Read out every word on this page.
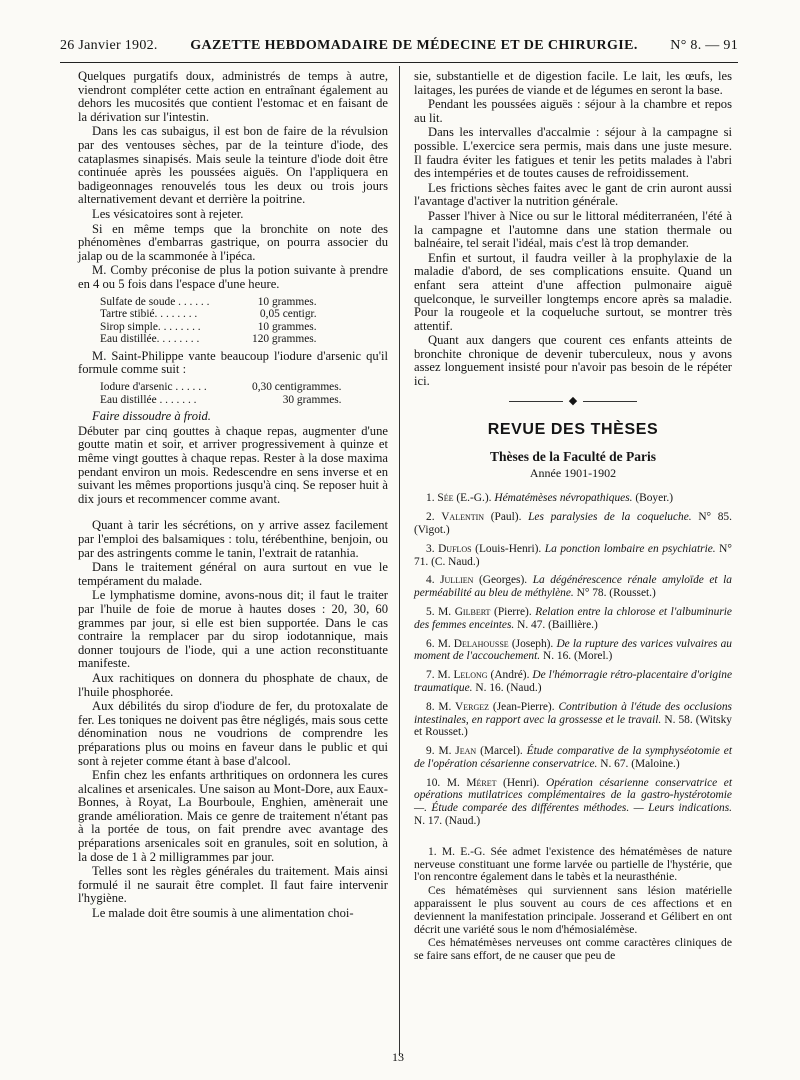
26 Janvier 1902. GAZETTE HEBDOMADAIRE DE MÉDECINE ET DE CHIRURGIE. N° 8. — 91

Quelques purgatifs doux, administrés de temps à autre, viendront compléter cette action en entraînant également au dehors les mucosités que contient l'estomac et en faisant de la dérivation sur l'intestin.

Dans les cas subaigus, il est bon de faire de la révulsion par des ventouses sèches, par de la teinture d'iode, des cataplasmes sinapisés. Mais seule la teinture d'iode doit être continuée après les poussées aiguës. On l'appliquera en badigeonnages renouvelés tous les deux ou trois jours alternativement devant et derrière la poitrine.

Les vésicatoires sont à rejeter.

Si en même temps que la bronchite on note des phénomènes d'embarras gastrique, on pourra associer du jalap ou de la scammonée à l'ipéca.

M. Comby préconise de plus la potion suivante à prendre en 4 ou 5 fois dans l'espace d'une heure.

Sulfate de soude . . . . . .	10 grammes.
Tartre stibié. . . . . . . .	0,05 centigr.
Sirop simple. . . . . . . .	10 grammes.
Eau distillée. . . . . . . .	120 grammes.

M. Saint-Philippe vante beaucoup l'iodure d'arsenic qu'il formule comme suit :

Iodure d'arsenic . . . . . .	0,30 centigrammes.
Eau distillée . . . . . . .	30 grammes.

Faire dissoudre à froid.

Débuter par cinq gouttes à chaque repas, augmenter d'une goutte matin et soir, et arriver progressivement à quinze et même vingt gouttes à chaque repas. Rester à la dose maxima pendant environ un mois. Redescendre en sens inverse et en suivant les mêmes proportions jusqu'à cinq. Se reposer huit à dix jours et recommencer comme avant.

Quant à tarir les sécrétions, on y arrive assez facilement par l'emploi des balsamiques : tolu, térébenthine, benjoin, ou par des astringents comme le tanin, l'extrait de ratanhia.

Dans le traitement général on aura surtout en vue le tempérament du malade.

Le lymphatisme domine, avons-nous dit; il faut le traiter par l'huile de foie de morue à hautes doses : 20, 30, 60 grammes par jour, si elle est bien supportée. Dans le cas contraire la remplacer par du sirop iodotannique, mais donner toujours de l'iode, qui a une action reconstituante manifeste.

Aux rachitiques on donnera du phosphate de chaux, de l'huile phosphorée.

Aux débilités du sirop d'iodure de fer, du protoxalate de fer. Les toniques ne doivent pas être négligés, mais sous cette dénomination nous ne voudrions de comprendre les préparations plus ou moins en faveur dans le public et qui sont à rejeter comme étant à base d'alcool.

Enfin chez les enfants arthritiques on ordonnera les cures alcalines et arsenicales. Une saison au Mont-Dore, aux Eaux-Bonnes, à Royat, La Bourboule, Enghien, amènerait une grande amélioration. Mais ce genre de traitement n'étant pas à la portée de tous, on fait prendre avec avantage des préparations arsenicales soit en granules, soit en solution, à la dose de 1 à 2 milligrammes par jour.

Telles sont les règles générales du traitement. Mais ainsi formulé il ne saurait être complet. Il faut faire intervenir l'hygiène.

Le malade doit être soumis à une alimentation choi-

sie, substantielle et de digestion facile. Le lait, les œufs, les laitages, les purées de viande et de légumes en seront la base.

Pendant les poussées aiguës : séjour à la chambre et repos au lit.

Dans les intervalles d'accalmie : séjour à la campagne si possible. L'exercice sera permis, mais dans une juste mesure. Il faudra éviter les fatigues et tenir les petits malades à l'abri des intempéries et de toutes causes de refroidissement.

Les frictions sèches faites avec le gant de crin auront aussi l'avantage d'activer la nutrition générale.

Passer l'hiver à Nice ou sur le littoral méditerranéen, l'été à la campagne et l'automne dans une station thermale ou balnéaire, tel serait l'idéal, mais c'est là trop demander.

Enfin et surtout, il faudra veiller à la prophylaxie de la maladie d'abord, de ses complications ensuite. Quand un enfant sera atteint d'une affection pulmonaire aiguë quelconque, le surveiller longtemps encore après sa maladie. Pour la rougeole et la coqueluche surtout, se montrer très attentif.

Quant aux dangers que courent ces enfants atteints de bronchite chronique de devenir tuberculeux, nous y avons assez longuement insisté pour n'avoir pas besoin de le répéter ici.

◆
REVUE DES THÈSES
Thèses de la Faculté de Paris
Année 1901-1902
1. Sée (E.-G.). Hématémèses névropathiques. (Boyer.)
2. Valentin (Paul). Les paralysies de la coqueluche. N° 85. (Vigot.)
3. Duflos (Louis-Henri). La ponction lombaire en psychiatrie. N° 71. (C. Naud.)
4. Jullien (Georges). La dégénérescence rénale amyloïde et la perméabilité au bleu de méthylène. N° 78. (Rousset.)
5. M. Gilbert (Pierre). Relation entre la chlorose et l'albuminurie des femmes enceintes. N. 47. (Baillière.)
6. M. Delahousse (Joseph). De la rupture des varices vulvaires au moment de l'accouchement. N. 16. (Morel.)
7. M. Lelong (André). De l'hémorragie rétro-placentaire d'origine traumatique. N. 16. (Naud.)
8. M. Vergez (Jean-Pierre). Contribution à l'étude des occlusions intestinales, en rapport avec la grossesse et le travail. N. 58. (Witsky et Rousset.)
9. M. Jean (Marcel). Étude comparative de la symphyséotomie et de l'opération césarienne conservatrice. N. 67. (Maloine.)
10. M. Méret (Henri). Opération césarienne conservatrice et opérations mutilatrices complémentaires de la gastro-hystérotomie —. Étude comparée des différentes méthodes. — Leurs indications. N. 17. (Naud.)

1. M. E.-G. Sée admet l'existence des hématémèses de nature nerveuse constituant une forme larvée ou partielle de l'hystérie, que l'on rencontre également dans le tabès et la neurasthénie.

Ces hématémèses qui surviennent sans lésion matérielle apparaissent le plus souvent au cours de ces affections et en deviennent la manifestation principale. Josserand et Gélibert en ont décrit une variété sous le nom d'hémosialémèse.

Ces hématémèses nerveuses ont comme caractères cliniques de se faire sans effort, de ne causer que peu de

13
